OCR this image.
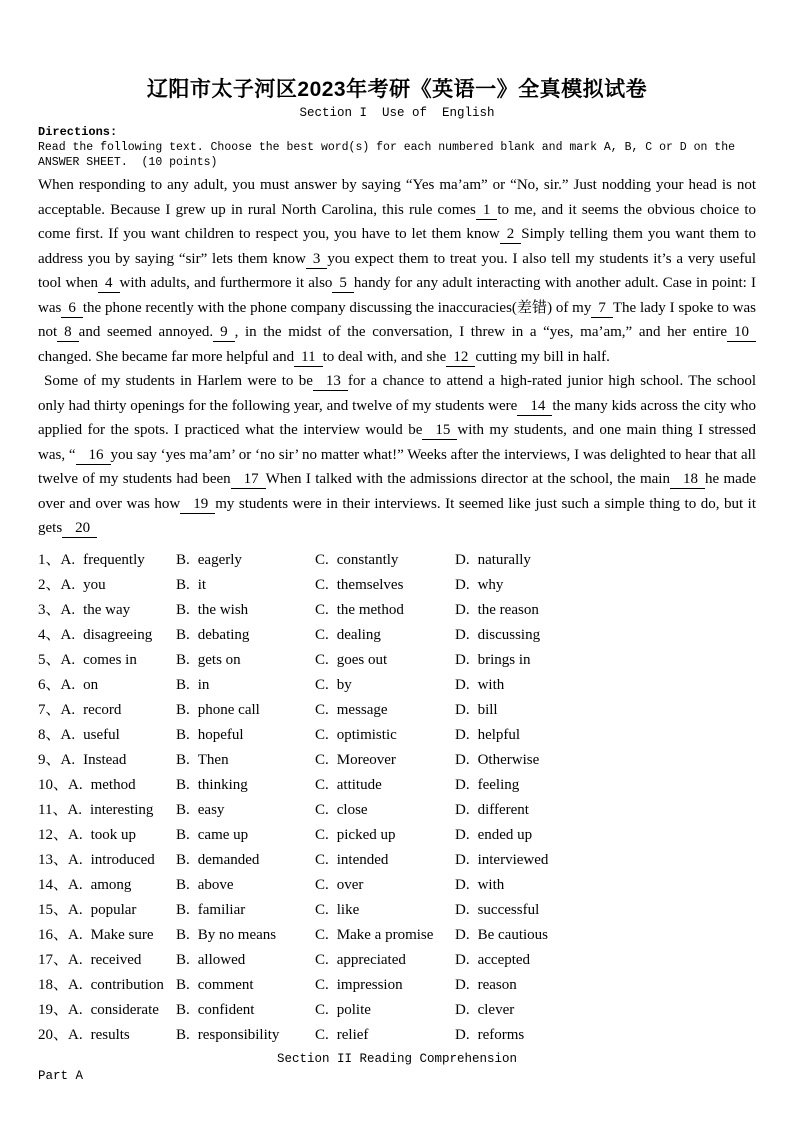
辽阳市太子河区2023年考研《英语一》全真模拟试卷
Section I  Use of  English
Directions:
Read the following text. Choose the best word(s) for each numbered blank and mark A, B, C or D on the ANSWER SHEET.  (10 points)

When responding to any adult, you must answer by saying “Yes ma’am” or “No, sir.” Just nodding your head is not acceptable. Because I grew up in rural North Carolina, this rule comes 1 to me, and it seems the obvious choice to come first. If you want children to respect you, you have to let them know 2 Simply telling them you want them to address you by saying “sir” lets them know 3 you expect them to treat you. I also tell my students it’s a very useful tool when 4 with adults, and furthermore it also 5 handy for any adult interacting with another adult. Case in point: I was 6 the phone recently with the phone company discussing the inaccuracies(差错) of my 7 The lady I spoke to was not 8 and seemed annoyed. 9 , in the midst of the conversation, I threw in a “yes, ma’am,” and her entire 10changed. She became far more helpful and 11 to deal with, and she 12 cutting my bill in half.

Some of my students in Harlem were to be 13 for a chance to attend a high-rated junior high school. The school only had thirty openings for the following year, and twelve of my students were 14 the many kids across the city who applied for the spots. I practiced what the interview would be 15 with my students, and one main thing I stressed was, “ 16 you say ‘yes ma’am’ or ‘no sir’ no matter what!” Weeks after the interviews, I was delighted to hear that all twelve of my students had been 17 When I talked with the admissions director at the school, the main 18 he made over and over was how 19 my students were in their interviews. It seemed like just such a simple thing to do, but it gets 20

1、A. frequently	B. eagerly	C. constantly	D. naturally
2、A. you	B. it	C. themselves	D. why
3、A. the way	B. the wish	C. the method	D. the reason
4、A. disagreeing	B. debating	C. dealing	D. discussing
5、A. comes in	B. gets on	C. goes out	D. brings in
6、A. on	B. in	C. by	D. with
7、A. record	B. phone call	C. message	D. bill
8、A. useful	B. hopeful	C. optimistic	D. helpful
9、A. Instead	B. Then	C. Moreover	D. Otherwise
10、A. method	B. thinking	C. attitude	D. feeling
11、A. interesting	B. easy	C. close	D. different
12、A. took up	B. came up	C. picked up	D. ended up
13、A. introduced	B. demanded	C. intended	D. interviewed
14、A. among	B. above	C. over	D. with
15、A. popular	B. familiar	C. like	D. successful
16、A. Make sure	B. By no means	C. Make a promise	D. Be cautious
17、A. received	B. allowed	C. appreciated	D. accepted
18、A. contribution B. comment	C. impression	D. reason
19、A. considerate	B. confident	C. polite	D. clever
20、A. results	B. responsibility	C. relief	D. reforms
Section II Reading Comprehension
Part A
